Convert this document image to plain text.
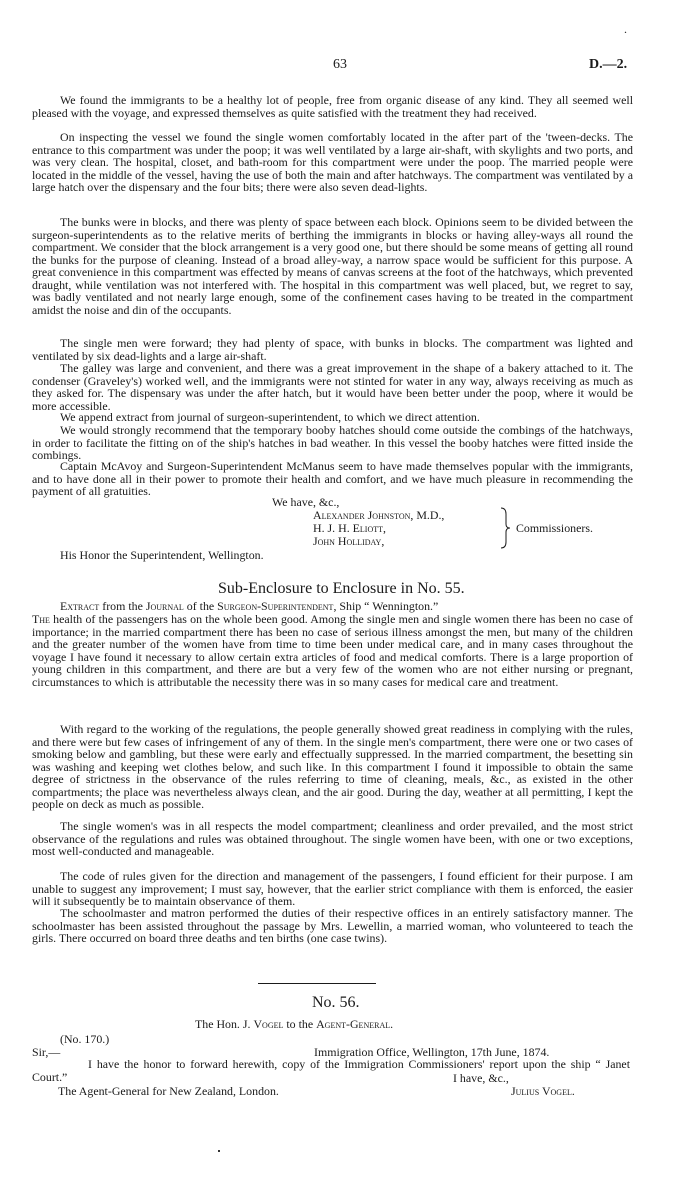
.
63	D.—2.
We found the immigrants to be a healthy lot of people, free from organic disease of any kind. They all seemed well pleased with the voyage, and expressed themselves as quite satisfied with the treatment they had received.
On inspecting the vessel we found the single women comfortably located in the after part of the 'tween-decks. The entrance to this compartment was under the poop; it was well ventilated by a large air-shaft, with skylights and two ports, and was very clean. The hospital, closet, and bath-room for this compartment were under the poop. The married people were located in the middle of the vessel, having the use of both the main and after hatchways. The compartment was ventilated by a large hatch over the dispensary and the four bits; there were also seven dead-lights.
The bunks were in blocks, and there was plenty of space between each block. Opinions seem to be divided between the surgeon-superintendents as to the relative merits of berthing the immigrants in blocks or having alley-ways all round the compartment. We consider that the block arrangement is a very good one, but there should be some means of getting all round the bunks for the purpose of cleaning. Instead of a broad alley-way, a narrow space would be sufficient for this purpose. A great convenience in this compartment was effected by means of canvas screens at the foot of the hatchways, which prevented draught, while ventilation was not interfered with. The hospital in this compartment was well placed, but, we regret to say, was badly ventilated and not nearly large enough, some of the confinement cases having to be treated in the compartment amidst the noise and din of the occupants.
The single men were forward; they had plenty of space, with bunks in blocks. The compartment was lighted and ventilated by six dead-lights and a large air-shaft.
The galley was large and convenient, and there was a great improvement in the shape of a bakery attached to it. The condenser (Graveley's) worked well, and the immigrants were not stinted for water in any way, always receiving as much as they asked for. The dispensary was under the after hatch, but it would have been better under the poop, where it would be more accessible.
We append extract from journal of surgeon-superintendent, to which we direct attention.
We would strongly recommend that the temporary booby hatches should come outside the combings of the hatchways, in order to facilitate the fitting on of the ship's hatches in bad weather. In this vessel the booby hatches were fitted inside the combings.
Captain McAvoy and Surgeon-Superintendent McManus seem to have made themselves popular with the immigrants, and to have done all in their power to promote their health and comfort, and we have much pleasure in recommending the payment of all gratuities.
We have, &c.,
Alexander Johnston, M.D.,
H. J. H. Eliott,
John Holliday,
Commissioners.
His Honor the Superintendent, Wellington.
Sub-Enclosure to Enclosure in No. 55.
Extract from the Journal of the Surgeon-Superintendent, Ship “ Wennington.”
The health of the passengers has on the whole been good. Among the single men and single women there has been no case of importance; in the married compartment there has been no case of serious illness amongst the men, but many of the children and the greater number of the women have from time to time been under medical care, and in many cases throughout the voyage I have found it necessary to allow certain extra articles of food and medical comforts. There is a large proportion of young children in this compartment, and there are but a very few of the women who are not either nursing or pregnant, circumstances to which is attributable the necessity there was in so many cases for medical care and treatment.
With regard to the working of the regulations, the people generally showed great readiness in complying with the rules, and there were but few cases of infringement of any of them. In the single men's compartment, there were one or two cases of smoking below and gambling, but these were early and effectually suppressed. In the married compartment, the besetting sin was washing and keeping wet clothes below, and such like. In this compartment I found it impossible to obtain the same degree of strictness in the observance of the rules referring to time of cleaning, meals, &c., as existed in the other compartments; the place was nevertheless always clean, and the air good. During the day, weather at all permitting, I kept the people on deck as much as possible.
The single women's was in all respects the model compartment; cleanliness and order prevailed, and the most strict observance of the regulations and rules was obtained throughout. The single women have been, with one or two exceptions, most well-conducted and manageable.
The code of rules given for the direction and management of the passengers, I found efficient for their purpose. I am unable to suggest any improvement; I must say, however, that the earlier strict compliance with them is enforced, the easier will it subsequently be to maintain observance of them.
The schoolmaster and matron performed the duties of their respective offices in an entirely satisfactory manner. The schoolmaster has been assisted throughout the passage by Mrs. Lewellin, a married woman, who volunteered to teach the girls. There occurred on board three deaths and ten births (one case twins).
No. 56.
The Hon. J. Vogel to the Agent-General.
(No. 170.)
Sir,—	Immigration Office, Wellington, 17th June, 1874.
I have the honor to forward herewith, copy of the Immigration Commissioners' report upon the ship “ Janet Court.”	I have, &c.,
The Agent-General for New Zealand, London.	Julius Vogel.
